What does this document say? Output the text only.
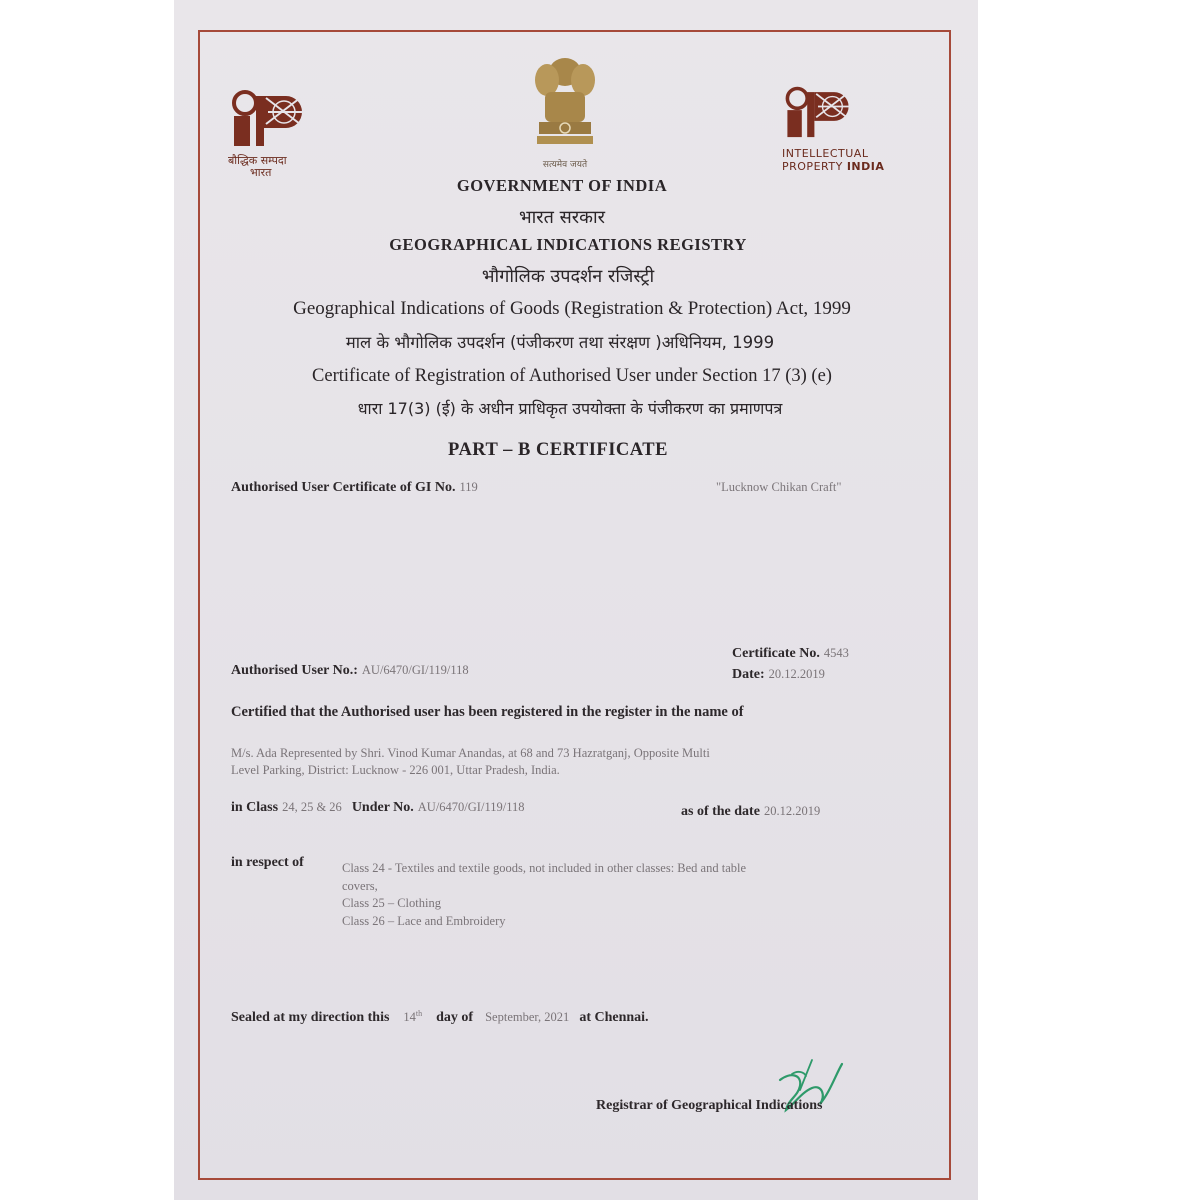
बौद्धिक सम्पदा
भारत
सत्यमेव जयते
INTELLECTUAL
PROPERTY INDIA
GOVERNMENT OF INDIA
भारत सरकार
GEOGRAPHICAL INDICATIONS REGISTRY
भौगोलिक उपदर्शन रजिस्ट्री
Geographical Indications of Goods (Registration & Protection) Act, 1999
माल के भौगोलिक उपदर्शन (पंजीकरण तथा संरक्षण )अधिनियम, 1999
Certificate of Registration of Authorised User under Section 17 (3) (e)
धारा 17(3) (ई) के अधीन प्राधिकृत उपयोक्ता के पंजीकरण का प्रमाणपत्र
PART – B CERTIFICATE
Authorised User Certificate of GI No. 119	"Lucknow Chikan Craft"
Certificate No. 4543
Date: 20.12.2019
Authorised User No.: AU/6470/GI/119/118
Certified that the Authorised user has been registered in the register in the name of
M/s. Ada Represented by Shri. Vinod Kumar Anandas, at 68 and 73 Hazratganj, Opposite Multi
Level Parking, District: Lucknow - 226 001, Uttar Pradesh, India.
in Class 24, 25 & 26 Under No. AU/6470/GI/119/118	as of the date 20.12.2019
in respect of	Class 24 - Textiles and textile goods, not included in other classes: Bed and table
covers,
Class 25 – Clothing
Class 26 – Lace and Embroidery
Sealed at my direction this 14th day of September, 2021 at Chennai.
Registrar of Geographical Indications
